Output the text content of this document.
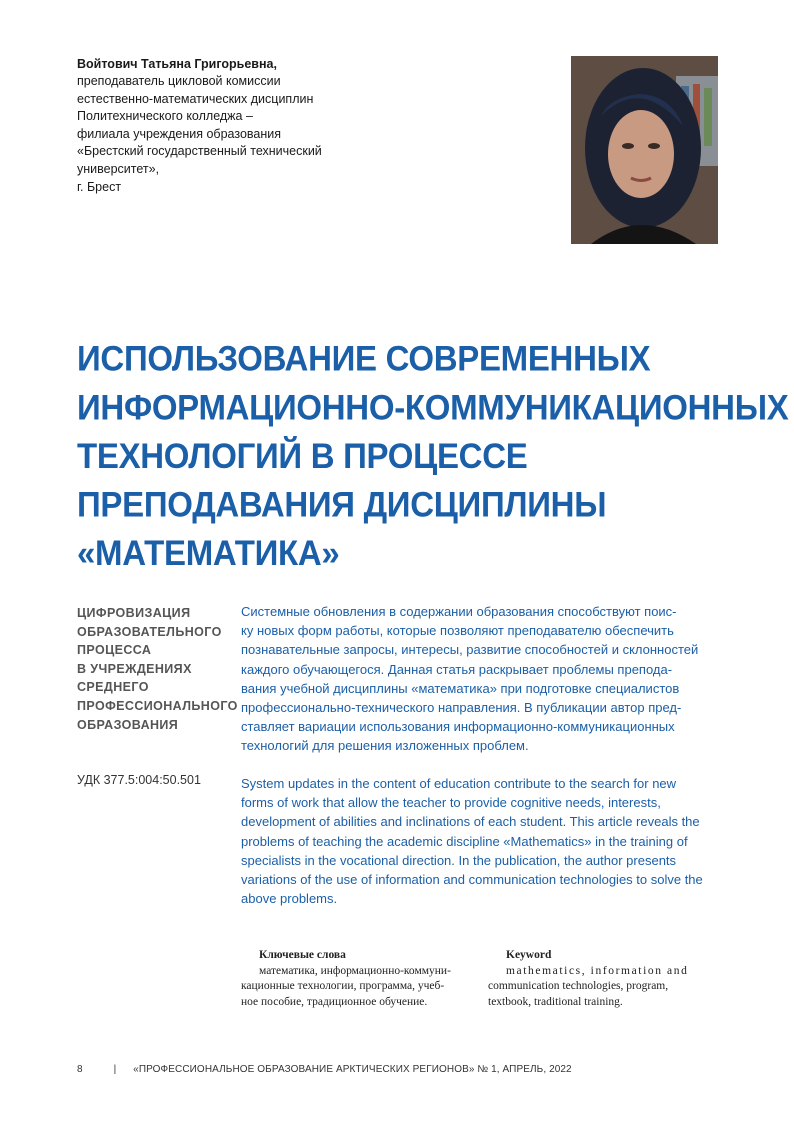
Войтович Татьяна Григорьевна,

преподаватель цикловой комиссии

естественно-математических дисциплин

Политехнического колледжа –

филиала учреждения образования

«Брестский государственный технический

университет»,

г. Брест

ИСПОЛЬЗОВАНИЕ СОВРЕМЕННЫХ
ИНФОРМАЦИОННО-КОММУНИКАЦИОННЫХ
ТЕХНОЛОГИЙ В ПРОЦЕССЕ
ПРЕПОДАВАНИЯ ДИСЦИПЛИНЫ
«МАТЕМАТИКА»
ЦИФРОВИЗАЦИЯ
ОБРАЗОВАТЕЛЬНОГО
ПРОЦЕССА
В УЧРЕЖДЕНИЯХ
СРЕДНЕГО
ПРОФЕССИОНАЛЬНОГО
ОБРАЗОВАНИЯ
УДК 377.5:004:50.501
Системные обновления в содержании образования способствуют поис-
ку новых форм работы, которые позволяют преподавателю обеспечить
познавательные запросы, интересы, развитие способностей и склонностей
каждого обучающегося. Данная статья раскрывает проблемы препода-
вания учебной дисциплины «математика» при подготовке специалистов
профессионально-технического направления. В публикации автор пред-
ставляет вариации использования информационно-коммуникационных
технологий для решения изложенных проблем.
System updates in the content of education contribute to the search for new
forms of work that allow the teacher to provide cognitive needs, interests,
development of abilities and inclinations of each student. This article reveals the
problems of teaching the academic discipline «Mathematics» in the training of
specialists in the vocational direction. In the publication, the author presents
variations of the use of information and communication technologies to solve the
above problems.
Ключевые слова
математика, информационно-коммуни-
кационные технологии, программа, учеб-
ное пособие, традиционное обучение.
Keyword
mathematics, information and
communication technologies, program,
textbook, traditional training.
8	| «ПРОФЕССИОНАЛЬНОЕ ОБРАЗОВАНИЕ АРКТИЧЕСКИХ РЕГИОНОВ» № 1, АПРЕЛЬ, 2022
